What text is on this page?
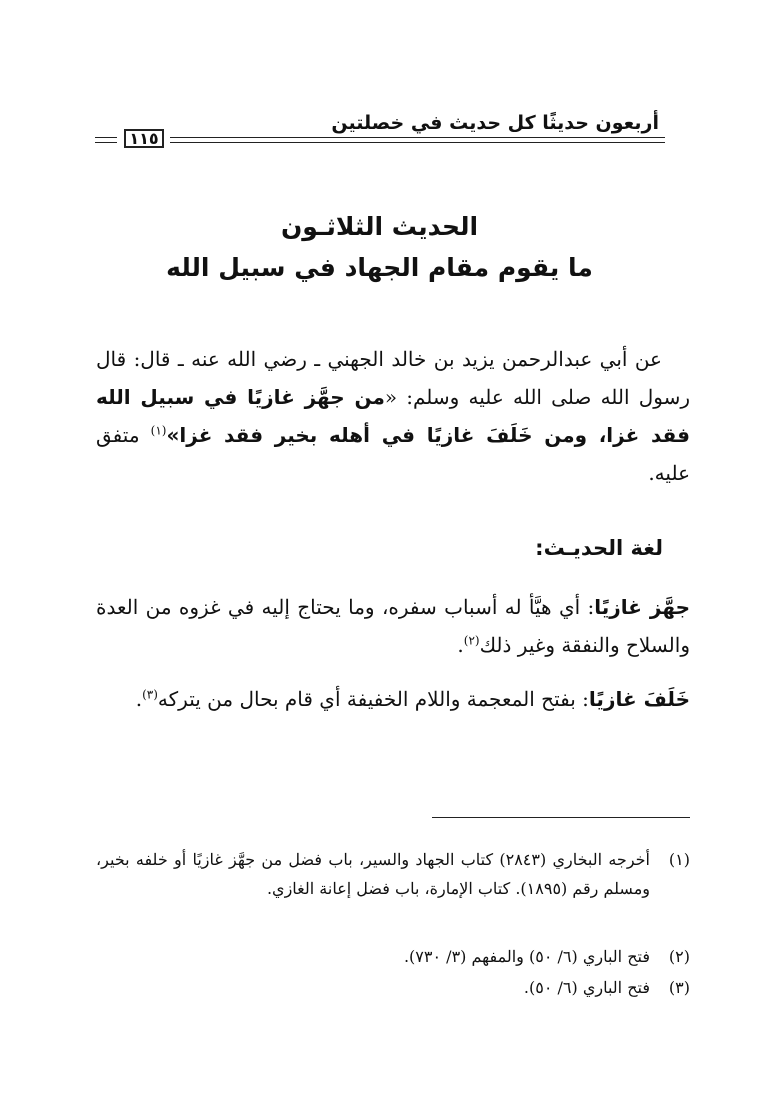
أربعون حديثًا كل حديث في خصلتين
١١٥
الحديث الثلاثـون
ما يقوم مقام الجهاد في سبيل الله
عن أبي عبدالرحمن يزيد بن خالد الجهني ـ رضي الله عنه ـ قال: قال رسول الله صلى الله عليه وسلم: «من جهَّز غازيًا في سبيل الله فقد غزا، ومن خَلَفَ غازيًا في أهله بخير فقد غزا»$^{(١)}$ متفق عليه.
لغة الحديـث:
جهَّز غازيًا: أي هيَّأ له أسباب سفره، وما يحتاج إليه في غزوه من العدة والسلاح والنفقة وغير ذلك$^{(٢)}$.
خَلَفَ غازيًا: بفتح المعجمة واللام الخفيفة أي قام بحال من يتركه$^{(٣)}$.
(١)أخرجه البخاري (٢٨٤٣) كتاب الجهاد والسير، باب فضل من جهَّز غازيًا أو خلفه بخير، ومسلم رقم (١٨٩٥). كتاب الإمارة، باب فضل إعانة الغازي.
(٢)فتح الباري (٦/ ٥٠) والمفهم (٣/ ٧٣٠).
(٣)فتح الباري (٦/ ٥٠).
